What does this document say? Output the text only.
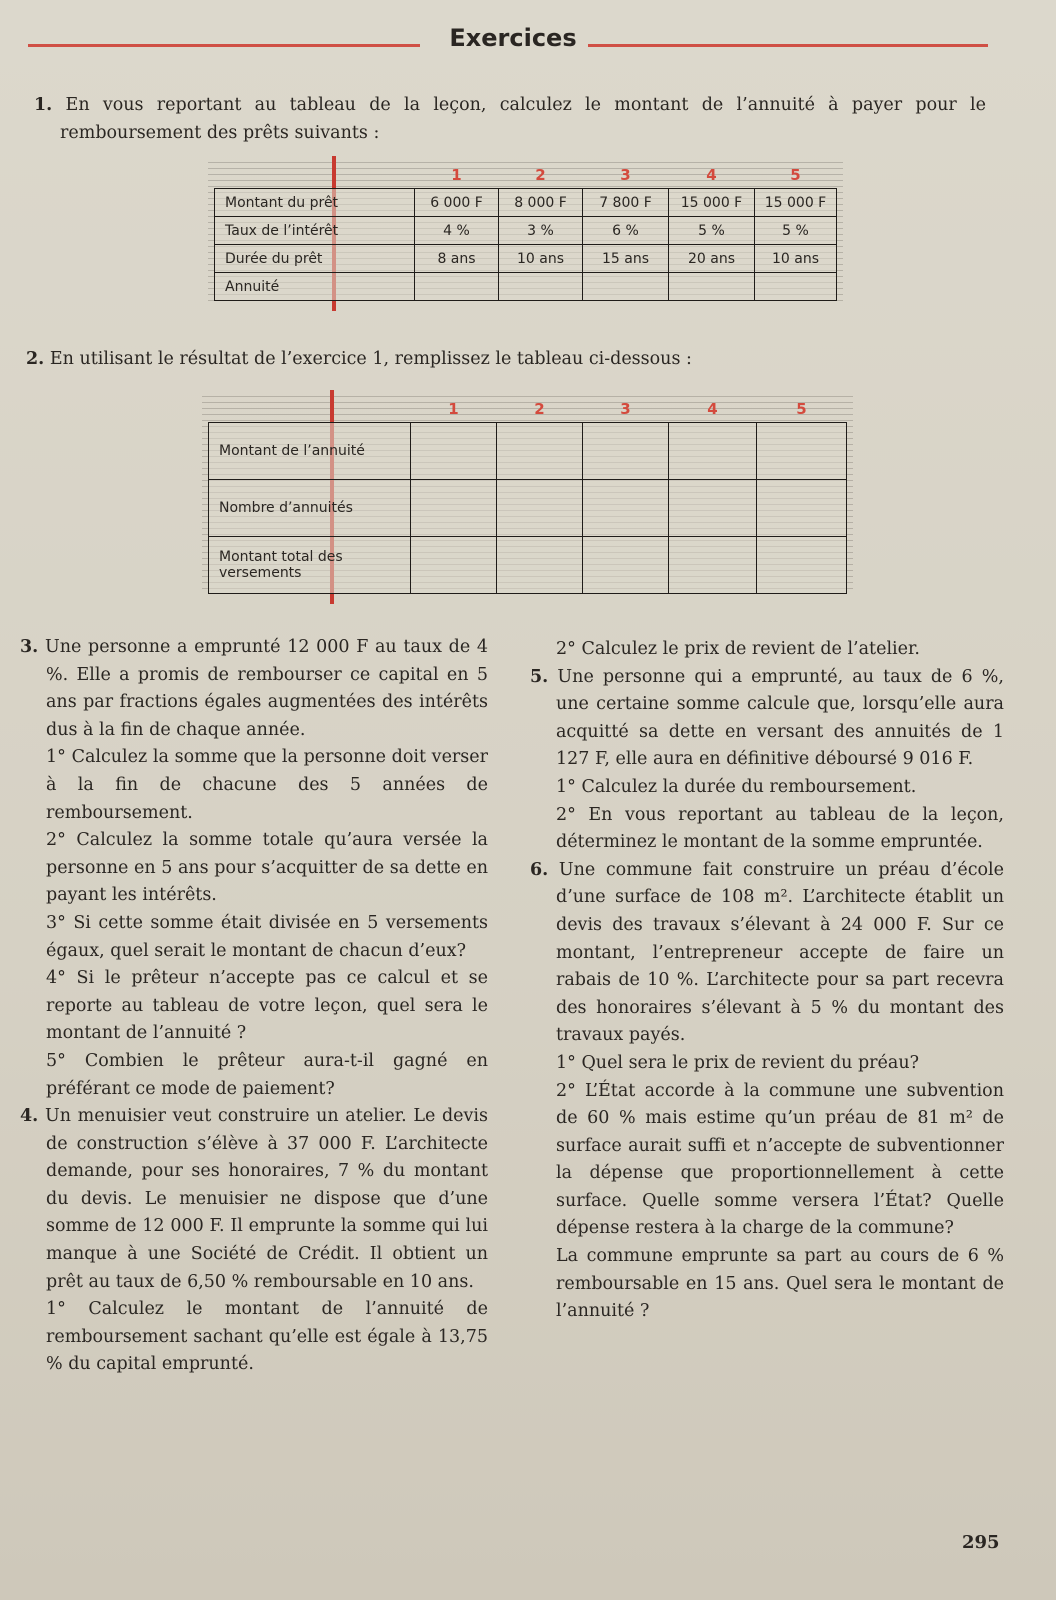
Exercices

1. En vous reportant au tableau de la leçon, calculez le montant de l’annuité à payer pour le remboursement des prêts suivants :

		1	2	3	4	5
Montant du prêt		6 000 F	8 000 F	7 800 F	15 000 F	15 000 F
Taux de l’intérêt		4 %	3 %	6 %	5 %	5 %
Durée du prêt		8 ans	10 ans	15 ans	20 ans	10 ans
Annuité						

2. En utilisant le résultat de l’exercice 1, remplissez le tableau ci-dessous :

		1	2	3	4	5
Montant de l’annuité						
Nombre d’annuités						
Montant total des versements						

3. Une personne a emprunté 12 000 F au taux de 4 %. Elle a promis de rembourser ce capital en 5 ans par fractions égales augmentées des intérêts dus à la fin de chaque année.

1° Calculez la somme que la personne doit verser à la fin de chacune des 5 années de remboursement.

2° Calculez la somme totale qu’aura versée la personne en 5 ans pour s’acquitter de sa dette en payant les intérêts.

3° Si cette somme était divisée en 5 versements égaux, quel serait le montant de chacun d’eux?

4° Si le prêteur n’accepte pas ce calcul et se reporte au tableau de votre leçon, quel sera le montant de l’annuité ?

5° Combien le prêteur aura-t-il gagné en préférant ce mode de paiement?

4. Un menuisier veut construire un atelier. Le devis de construction s’élève à 37 000 F. L’architecte demande, pour ses honoraires, 7 % du montant du devis. Le menuisier ne dispose que d’une somme de 12 000 F. Il emprunte la somme qui lui manque à une Société de Crédit. Il obtient un prêt au taux de 6,50 % remboursable en 10 ans.

1° Calculez le montant de l’annuité de remboursement sachant qu’elle est égale à 13,75 % du capital emprunté.

2° Calculez le prix de revient de l’atelier.

5. Une personne qui a emprunté, au taux de 6 %, une certaine somme calcule que, lorsqu’elle aura acquitté sa dette en versant des annuités de 1 127 F, elle aura en définitive déboursé 9 016 F.

1° Calculez la durée du remboursement.

2° En vous reportant au tableau de la leçon, déterminez le montant de la somme empruntée.

6. Une commune fait construire un préau d’école d’une surface de 108 m². L’architecte établit un devis des travaux s’élevant à 24 000 F. Sur ce montant, l’entrepreneur accepte de faire un rabais de 10 %. L’architecte pour sa part recevra des honoraires s’élevant à 5 % du montant des travaux payés.

1° Quel sera le prix de revient du préau?

2° L’État accorde à la commune une subvention de 60 % mais estime qu’un préau de 81 m² de surface aurait suffi et n’accepte de subventionner la dépense que proportionnellement à cette surface. Quelle somme versera l’État? Quelle dépense restera à la charge de la commune?

La commune emprunte sa part au cours de 6 % remboursable en 15 ans. Quel sera le montant de l’annuité ?

295
